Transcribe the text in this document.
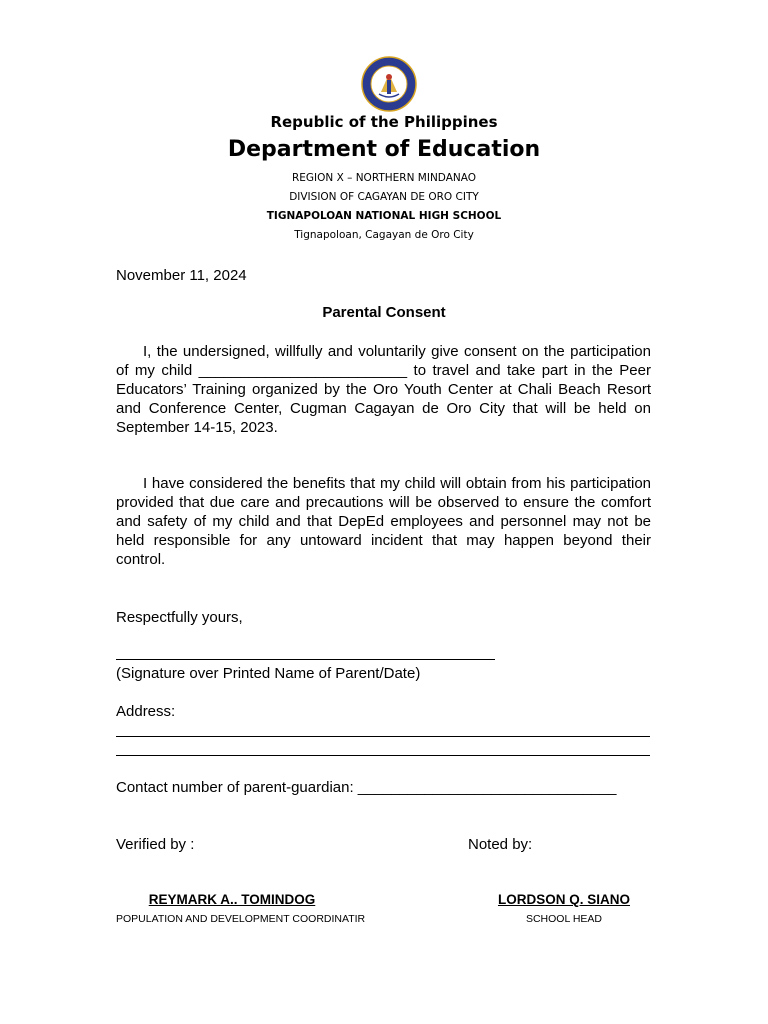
Republic of the Philippines
Department of Education
REGION X – NORTHERN MINDANAO
DIVISION OF CAGAYAN DE ORO CITY
TIGNAPOLOAN NATIONAL HIGH SCHOOL
Tignapoloan, Cagayan de Oro City
November 11, 2024
Parental Consent
I, the undersigned, willfully and voluntarily give consent on the participation of my child _________________________ to travel and take part in the Peer Educators’ Training organized by the Oro Youth Center at Chali Beach Resort and Conference Center, Cugman Cagayan de Oro City that will be held on September 14-15, 2023.
I have considered the benefits that my child will obtain from his participation provided that due care and precautions will be observed to ensure the comfort and safety of my child and that DepEd employees and personnel may not be held responsible for any untoward incident that may happen beyond their control.
Respectfully yours,
(Signature over Printed Name of Parent/Date)
Address:
Contact number of parent-guardian: _______________________________
Verified by :	Noted by:
REYMARK A.. TOMINDOG
POPULATION AND DEVELOPMENT COORDINATIR
LORDSON Q. SIANO
SCHOOL HEAD
